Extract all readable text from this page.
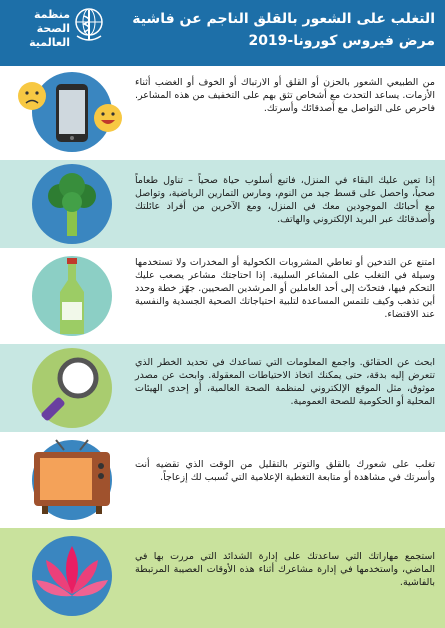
منظمة
الصحة العالمية
التغلب على الشعور بالقلق الناجم عن فاشية مرض فيروس كورونا-2019
من الطبيعي الشعور بالحزن أو القلق أو الارتباك أو الخوف أو الغضب أثناء الأزمات. يساعد التحدث مع أشخاص تثق بهم على التخفيف من هذه المشاعر. فاحرص على التواصل مع أصدقائك وأسرتك.
إذا تعين عليك البقاء في المنزل، فاتبع أسلوب حياة صحياً – تناول طعاماً صحياً، واحصل على قسط جيد من النوم، ومارس التمارين الرياضية، وتواصل مع أحبائك الموجودين معك في المنزل، ومع الآخرين من أفراد عائلتك وأصدقائك عبر البريد الإلكتروني والهاتف.
امتنع عن التدخين أو تعاطي المشروبات الكحولية أو المخدرات ولا تستخدمها وسيلة في التغلب على المشاعر السلبية. إذا احتاجتك مشاعر يصعب عليك التحكم فيها، فتحدّث إلى أحد العاملين أو المرشدين الصحيين. جهّز خطة وحدد أين تذهب وكيف تلتمس المساعدة لتلبية احتياجاتك الصحية الجسدية والنفسية عند الاقتضاء.
ابحث عن الحقائق. واجمع المعلومات التي تساعدك في تحديد الخطر الذي تتعرض إليه بدقة، حتى يمكنك اتخاذ الاحتياطات المعقولة. وابحث عن مصدر موثوق، مثل الموقع الإلكتروني لمنظمة الصحة العالمية، أو إحدى الهيئات المحلية أو الحكومية للصحة العمومية.
تغلب على شعورك بالقلق والتوتر بالتقليل من الوقت الذي تقضيه أنت وأسرتك في مشاهدة أو متابعة التغطية الإعلامية التي تُسبب لك إزعاجاً.
استجمع مهاراتك التي ساعدتك على إدارة الشدائد التي مررت بها في الماضي، واستخدمها في إدارة مشاعرك أثناء هذه الأوقات العصيبة المرتبطة بالفاشية.
